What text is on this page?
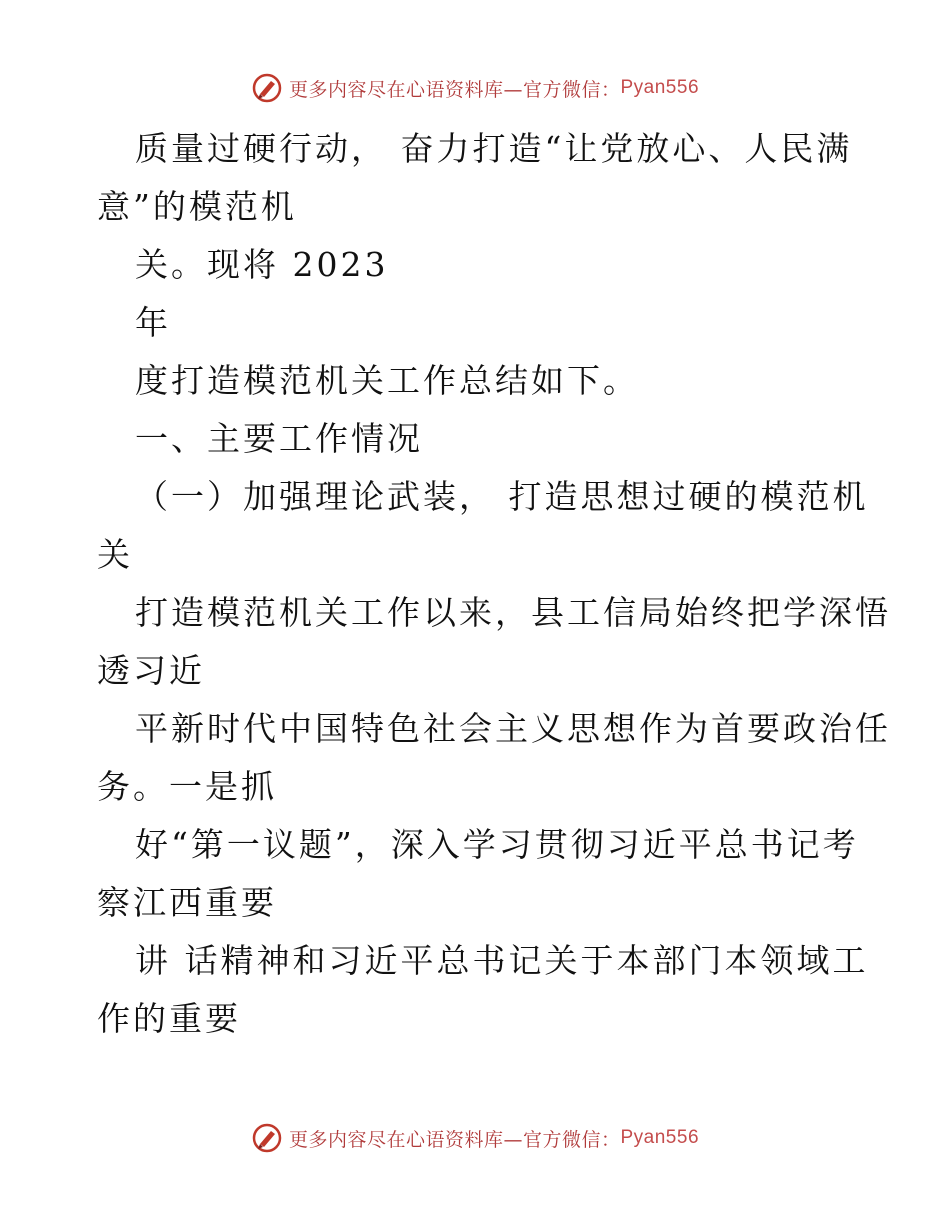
更多内容尽在心语资料库—官方微信： Pyan556
质量过硬行动， 奋力打造“让党放心、人民满
意”的模范机
关。现将 2023
年
度打造模范机关工作总结如下。
一、主要工作情况
（一）加强理论武装， 打造思想过硬的模范机
关
打造模范机关工作以来，县工信局始终把学深悟
透习近
平新时代中国特色社会主义思想作为首要政治任
务。一是抓
好“第一议题”，深入学习贯彻习近平总书记考
察江西重要
讲 话精神和习近平总书记关于本部门本领域工
作的重要
更多内容尽在心语资料库—官方微信： Pyan556
